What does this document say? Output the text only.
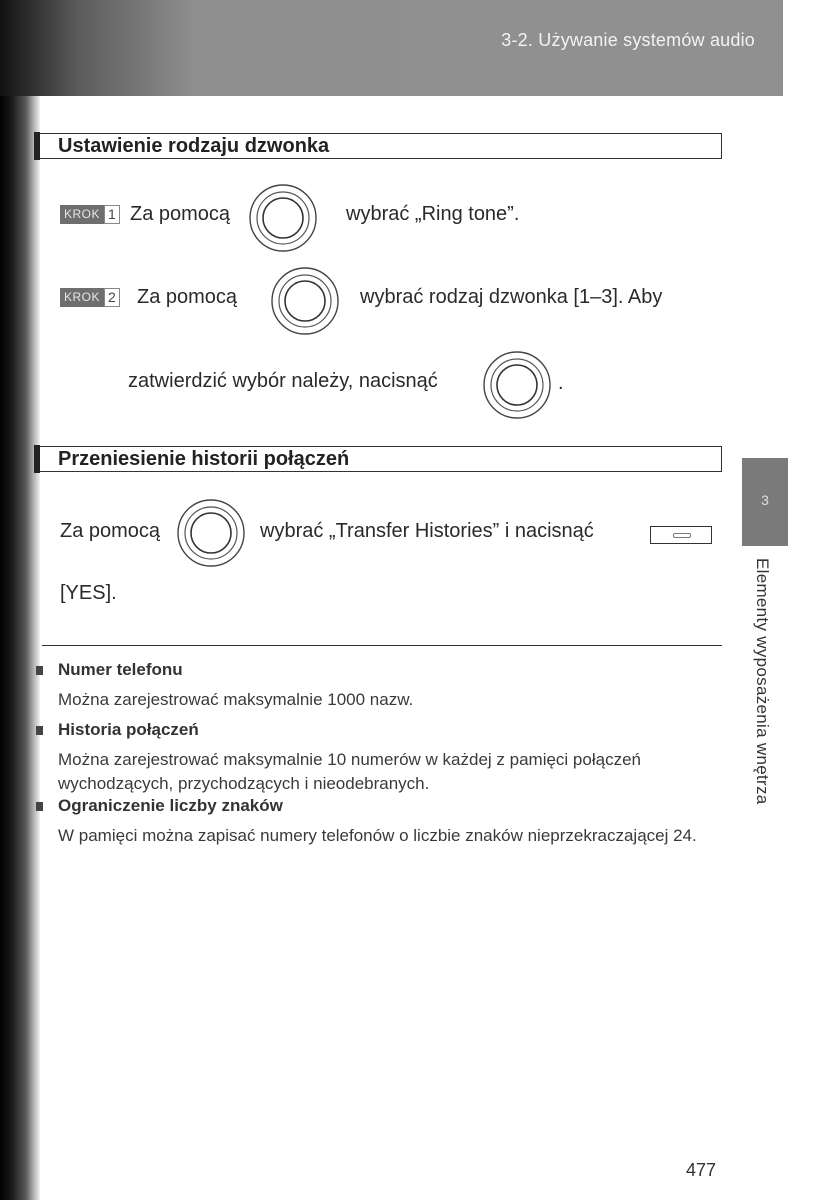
3-2. Używanie systemów audio
Ustawienie rodzaju dzwonka
KROK 1 Za pomocą	wybrać „Ring tone”.
KROK 2 Za pomocą	wybrać rodzaj dzwonka [1–3]. Aby
zatwierdzić wybór należy, nacisnąć	.
Przeniesienie historii połączeń
Za pomocą	wybrać „Transfer Histories” i nacisnąć
[YES].
Numer telefonu
Można zarejestrować maksymalnie 1000 nazw.
Historia połączeń
Można zarejestrować maksymalnie 10 numerów w każdej z pamięci połączeń wychodzących, przychodzących i nieodebranych.
Ograniczenie liczby znaków
W pamięci można zapisać numery telefonów o liczbie znaków nieprzekraczającej 24.
3
Elementy wyposażenia wnętrza
477
